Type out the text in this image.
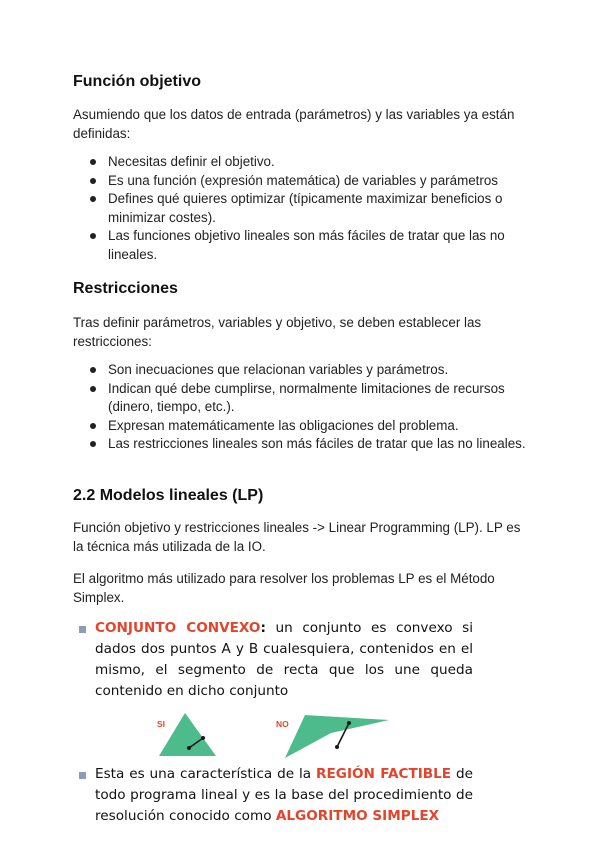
Función objetivo

Asumiendo que los datos de entrada (parámetros) y las variables ya están definidas:

Necesitas definir el objetivo.
Es una función (expresión matemática) de variables y parámetros
Defines qué quieres optimizar (típicamente maximizar beneficios o minimizar costes).
Las funciones objetivo lineales son más fáciles de tratar que las no lineales.
Restricciones

Tras definir parámetros, variables y objetivo, se deben establecer las restricciones:

Son inecuaciones que relacionan variables y parámetros.
Indican qué debe cumplirse, normalmente limitaciones de recursos (dinero, tiempo, etc.).
Expresan matemáticamente las obligaciones del problema.
Las restricciones lineales son más fáciles de tratar que las no lineales.
2.2 Modelos lineales (LP)

Función objetivo y restricciones lineales -> Linear Programming (LP). LP es la técnica más utilizada de la IO.

El algoritmo más utilizado para resolver los problemas LP es el Método Simplex.

CONJUNTO CONVEXO: un conjunto es convexo si dados dos puntos A y B cualesquiera, contenidos en el mismo, el segmento de recta que los une queda contenido en dicho conjunto
SI	NO
Esta es una característica de la REGIÓN FACTIBLE de todo programa lineal y es la base del procedimiento de resolución conocido como ALGORITMO SIMPLEX
